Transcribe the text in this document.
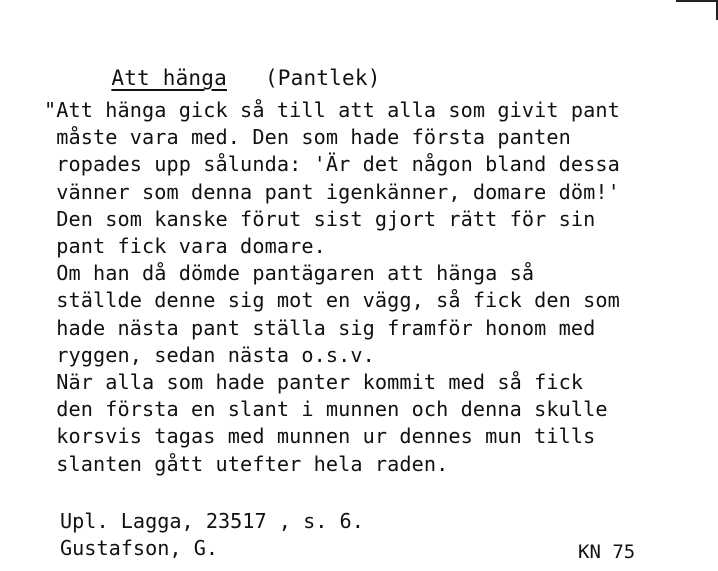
Att hänga (Pantlek)

"Att hänga gick så till att alla som givit pant
måste vara med. Den som hade första panten
ropades upp sålunda: 'Är det någon bland dessa
vänner som denna pant igenkänner, domare döm!'
Den som kanske förut sist gjort rätt för sin
pant fick vara domare.
Om han då dömde pantägaren att hänga så
ställde denne sig mot en vägg, så fick den som
hade nästa pant ställa sig framför honom med
ryggen, sedan nästa o.s.v.
När alla som hade panter kommit med så fick
den första en slant i munnen och denna skulle
korsvis tagas med munnen ur dennes mun tills
slanten gått utefter hela raden.
Upl. Lagga, 23517 , s. 6.
Gustafson, G.	KN 75
